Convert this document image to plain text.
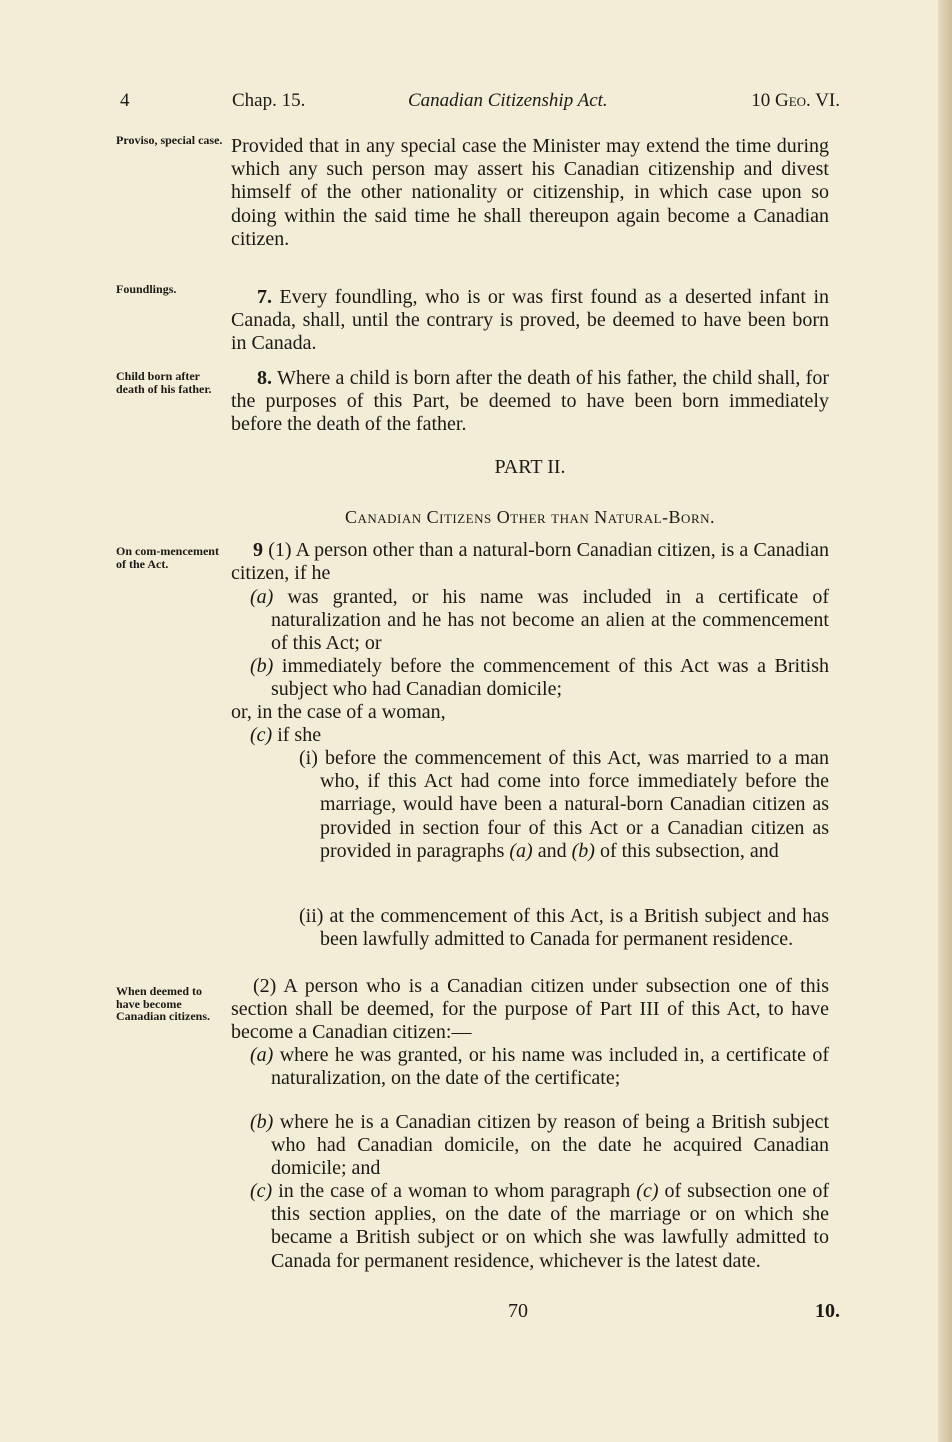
4	Chap. 15.	Canadian Citizenship Act.	10 Geo. VI.
Proviso, special case.
Foundlings.
Child born after death of his father.
On com-mencement of the Act.
When deemed to have become Canadian citizens.
Provided that in any special case the Minister may extend the time during which any such person may assert his Canadian citizenship and divest himself of the other nationality or citizenship, in which case upon so doing within the said time he shall thereupon again become a Canadian citizen.
7. Every foundling, who is or was first found as a deserted infant in Canada, shall, until the contrary is proved, be deemed to have been born in Canada.
8. Where a child is born after the death of his father, the child shall, for the purposes of this Part, be deemed to have been born immediately before the death of the father.
PART II.
Canadian Citizens Other than Natural-Born.
9 (1) A person other than a natural-born Canadian citizen, is a Canadian citizen, if he
(a) was granted, or his name was included in a certificate of naturalization and he has not become an alien at the commencement of this Act; or
(b) immediately before the commencement of this Act was a British subject who had Canadian domicile;
or, in the case of a woman,
(c) if she
(i) before the commencement of this Act, was married to a man who, if this Act had come into force immediately before the marriage, would have been a natural-born Canadian citizen as provided in section four of this Act or a Canadian citizen as provided in paragraphs (a) and (b) of this subsection, and
(ii) at the commencement of this Act, is a British subject and has been lawfully admitted to Canada for permanent residence.
(2) A person who is a Canadian citizen under subsection one of this section shall be deemed, for the purpose of Part III of this Act, to have become a Canadian citizen:—
(a) where he was granted, or his name was included in, a certificate of naturalization, on the date of the certificate;
(b) where he is a Canadian citizen by reason of being a British subject who had Canadian domicile, on the date he acquired Canadian domicile; and
(c) in the case of a woman to whom paragraph (c) of subsection one of this section applies, on the date of the marriage or on which she became a British subject or on which she was lawfully admitted to Canada for permanent residence, whichever is the latest date.
70	10.
